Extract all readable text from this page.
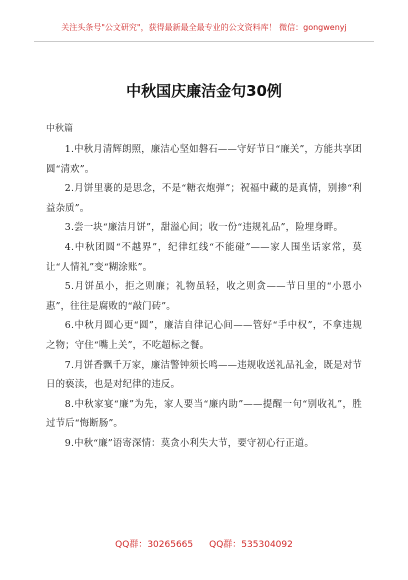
关注头条号"公文研究"，获得最新最全最专业的公文资料库！ 微信：gongwenyj
中秋国庆廉洁金句30例
中秋篇
1.中秋月清辉朗照，廉洁心坚如磐石——守好节日“廉关”，方能共享团圆“清欢”。
2.月饼里裹的是思念，不是“糖衣炮弹”；祝福中藏的是真情，别掺“利益杂质”。
3.尝一块“廉洁月饼”，甜溢心间；收一份“违规礼品”，险埋身畔。
4.中秋团圆“不越界”，纪律红线“不能碰”——家人围坐话家常，莫让“人情礼”变“糊涂账”。
5.月饼虽小，拒之则廉；礼物虽轻，收之则贪——节日里的“小恩小惠”，往往是腐败的“敲门砖”。
6.中秋月圆心更“圆”，廉洁自律记心间——管好“手中权”，不拿违规之物；守住“嘴上关”，不吃超标之餐。
7.月饼香飘千万家，廉洁警钟须长鸣——违规收送礼品礼金，既是对节日的亵渎，也是对纪律的违反。
8.中秋家宴“廉”为先，家人要当“廉内助”——提醒一句“别收礼”，胜过节后“悔断肠”。
9.中秋“廉”语寄深情：莫贪小利失大节，要守初心行正道。
QQ群：30265665 QQ群：535304092
